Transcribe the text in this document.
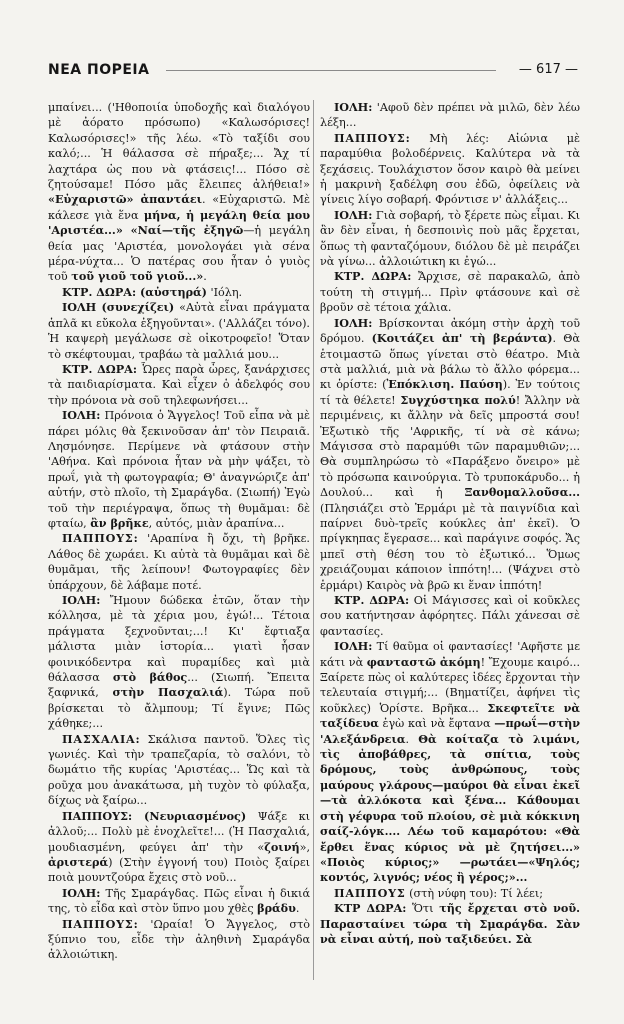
ΝΕΑ ΠΟΡΕΙΑ	— 617 —

μπαίνει... ('Ηθοποιία ὑποδοχῆς καὶ διαλόγου μὲ ἀόρατο πρόσωπο) «Καλωσόρισες! Καλωσόρισες!» τῆς λέω. «Τὸ ταξίδι σου καλό;... Ἡ θάλασσα σὲ πήραξε;... Ἄχ τί λαχτάρα ὡς που νὰ φτάσεις!... Πόσο σὲ ζητούσαμε! Πόσο μᾶς ἔλειπες ἀλήθεια!» «Εὐχαριστῶ» ἀπαντάει. «Εὐχαριστῶ. Μὲ κάλεσε γιὰ ἕνα μήνα, ἡ μεγάλη θεία μου 'Αριστέα...» «Ναί—τῆς ἐξηγῶ—ἡ μεγάλη θεία μας 'Αριστέα, μονολογάει γιὰ σένα μέρα-νύχτα... Ὁ πατέρας σου ἦταν ὁ γυιὸς τοῦ τοῦ γιοῦ τοῦ γιοῦ...».

ΚΤΡ. ΔΩΡΑ: (αὐστηρά) 'Ιόλη.

ΙΟΛΗ (συνεχίζει) «Αὐτὰ εἶναι πράγματα ἁπλᾶ κι εὔκολα ἐξηγοῦνται». ('Αλλάζει τόνο). Ἡ καψερὴ μεγάλωσε σὲ οἰκοτροφεῖο! Ὅταν τὸ σκέφτουμαι, τραβάω τὰ μαλλιά μου...

ΚΤΡ. ΔΩΡΑ: Ὧρες παρὰ ὧρες, ξανάρχισες τὰ παιδιαρίσματα. Καὶ εἶχεν ὁ ἀδελφός σου τὴν πρόνοια νὰ σοῦ τηλεφωνήσει...

ΙΟΛΗ: Πρόνοια ὁ Ἄγγελος! Τοῦ εἶπα νὰ μὲ πάρει μόλις θὰ ξεκινοῦσαν ἀπ' τὸν Πειραιᾶ. Λησμόνησε. Περίμενε νὰ φτάσουν στὴν 'Αθήνα. Καὶ πρόνοια ἦταν νὰ μὴν ψάξει, τὸ πρωΐ, γιὰ τὴ φωτογραφία; Θ' ἀναγνώριζε ἀπ' αὐτήν, στὸ πλοῖο, τὴ Σμαράγδα. (Σιωπή) Ἐγὼ τοῦ τὴν περιέγραψα, ὅπως τὴ θυμᾶμαι: δὲ φταίω, ἂν βρῆκε, αὐτός, μιὰν ἀραπίνα...

ΠΑΠΠΟΥΣ: 'Αραπίνα ἢ ὄχι, τὴ βρῆκε. Λάθος δὲ χωράει. Κι αὐτὰ τὰ θυμᾶμαι καὶ δὲ θυμᾶμαι, τῆς λείπουν! Φωτογραφίες δὲν ὑπάρχουν, δὲ λάβαμε ποτέ.

ΙΟΛΗ: Ἤμουν δώδεκα ἐτῶν, ὅταν τὴν κόλλησα, μὲ τὰ χέρια μου, ἐγώ!... Τέτοια πράγματα ξεχνοῦνται;...! Κι' ἔφτιαξα μάλιστα μιὰν ἱστορία... γιατὶ ἦσαν φοινικόδεντρα καὶ πυραμίδες καὶ μιὰ θάλασσα στὸ βάθος... (Σιωπή. Ἔπειτα ξαφνικά, στὴν Πασχαλιά). Τώρα ποῦ βρίσκεται τὸ ἄλμπουμ; Τί ἔγινε; Πῶς χάθηκε;...

ΠΑΣΧΑΛΙΑ: Σκάλισα παντοῦ. Ὅλες τὶς γωνιές. Καὶ τὴν τραπεζαρία, τὸ σαλόνι, τὸ δωμάτιο τῆς κυρίας 'Αριστέας... Ὥς καὶ τὰ ροῦχα μου ἀνακάτωσα, μὴ τυχὸν τὸ φύλαξα, δίχως νὰ ξαίρω...

ΠΑΠΠΟΥΣ: (Νευριασμένος) Ψάξε κι ἀλλοῦ;... Πολὺ μὲ ἐνοχλεῖτε!... (Ἡ Πασχαλιά, μουδιασμένη, φεύγει ἀπ' τὴν «ζοινή», ἀριστερά) (Στὴν ἐγγονή του) Ποιὸς ξαίρει ποιὰ μουντζούρα ἔχεις στὸ νοῦ...

ΙΟΛΗ: Τῆς Σμαράγδας. Πῶς εἶναι ἡ δικιά της, τὸ εἶδα καὶ στὸν ὕπνο μου χθὲς βράδυ.

ΠΑΠΠΟΥΣ: 'Ωραία! Ὁ Ἄγγελος, στὸ ξύπνιο του, εἶδε τὴν ἀληθινὴ Σμαράγδα ἀλλοιώτικη.

ΙΟΛΗ: 'Αφοῦ δὲν πρέπει νὰ μιλῶ, δὲν λέω λέξη...

ΠΑΠΠΟΥΣ: Μὴ λές: Αἰώνια μὲ παραμύθια βολοδέρνεις. Καλύτερα νὰ τὰ ξεχάσεις. Τουλάχιστον ὅσον καιρὸ θὰ μείνει ἡ μακρινὴ ξαδέλφη σου ἐδῶ, ὀφείλεις νὰ γίνεις λίγο σοβαρή. Φρόντισε ν' ἀλλάξεις...

ΙΟΛΗ: Γιὰ σοβαρή, τὸ ξέρετε πὼς εἶμαι. Κι ἂν δὲν εἶναι, ἡ δεσποινὶς ποὺ μᾶς ἔρχεται, ὅπως τὴ φανταζόμουν, διόλου δὲ μὲ πειράζει νὰ γίνω... ἀλλοιώτικη κι ἐγώ...

ΚΤΡ. ΔΩΡΑ: Ἄρχισε, σὲ παρακαλῶ, ἀπὸ τούτη τὴ στιγμή... Πρὶν φτάσουνε καὶ σὲ βροῦν σὲ τέτοια χάλια.

ΙΟΛΗ: Βρίσκονται ἀκόμη στὴν ἀρχὴ τοῦ δρόμου. (Κοιτάζει ἀπ' τὴ βεράντα). Θὰ ἑτοιμαστῶ ὅπως γίνεται στὸ θέατρο. Μιὰ στὰ μαλλιά, μιὰ νὰ βάλω τὸ ἄλλο φόρεμα... κι ὁρίστε: (Ἐπόκλιση. Παύση). Ἐν τούτοις τί τὰ θέλετε! Συγχύστηκα πολύ! Ἄλλην νὰ περιμένεις, κι ἄλλην νὰ δεῖς μπροστά σου! Ἐξωτικὸ τῆς 'Αφρικῆς, τί νὰ σὲ κάνω; Μάγισσα στὸ παραμύθι τῶν παραμυθιῶν;... Θὰ συμπληρώσω τὸ «Παράξενο ὄνειρο» μὲ τὸ πρόσωπα καινούργια. Τὸ τρυποκάρυδο... ἡ Δουλού... καὶ ἡ Ξανθομαλλοῦσα... (Πλησιάζει στὸ Ἑρμάρι μὲ τὰ παιγνίδια καὶ παίρνει δυὸ-τρεῖς κούκλες ἀπ' ἐκεῖ). Ὁ πρίγκηπας ἔγερασε... καὶ παράγινε σοφός. Ἄς μπεῖ στὴ θέση του τὸ ἐξωτικό... Ὅμως χρειάζουμαι κάποιον ἱππότη!... (Ψάχνει στὸ ἑρμάρι) Καιρὸς νὰ βρῶ κι ἕναν ἱππότη!

ΚΤΡ. ΔΩΡΑ: Οἱ Μάγισσες καὶ οἱ κοῦκλες σου κατήντησαν ἀφόρητες. Πάλι χάνεσαι σὲ φαντασίες.

ΙΟΛΗ: Τί θαῦμα οἱ φαντασίες! 'Αφῆστε με κάτι νὰ φανταστῶ ἀκόμη! Ἔχουμε καιρό... Ξαίρετε πὼς οἱ καλύτερες ἰδέες ἔρχονται τὴν τελευταία στιγμή;... (Βηματίζει, ἀφήνει τὶς κοῦκλες) Ὁρίστε. Βρῆκα... Σκεφτεῖτε νὰ ταξίδευα ἐγὼ καὶ νὰ ἔφτανα —πρωΐ—στὴν 'Αλεξάνδρεια. Θὰ κοίταζα τὸ λιμάνι, τὶς ἀποβάθρες, τὰ σπίτια, τοὺς δρόμους, τοὺς ἀνθρώπους, τοὺς μαύρους γλάρους—μαύροι θὰ εἶναι ἐκεῖ—τὰ ἀλλόκοτα καὶ ξένα... Κάθουμαι στὴ γέφυρα τοῦ πλοίου, σὲ μιὰ κόκκινη σαίζ-λόγκ.... Λέω τοῦ καμαρότου: «Θὰ ἔρθει ἕνας κύριος νὰ μὲ ζητήσει...» «Ποιὸς κύριος;» —ρωτάει—«Ψηλός; κοντός, λιγνός; νέος ἢ γέρος;»...

ΠΑΠΠΟΥΣ (στὴ νύφη του): Τί λέει;

ΚΤΡ ΔΩΡΑ: Ὅτι τῆς ἔρχεται στὸ νοῦ. Παρασταίνει τώρα τὴ Σμαράγδα. Σὰν νὰ εἶναι αὐτή, ποὺ ταξιδεύει. Σὰ
